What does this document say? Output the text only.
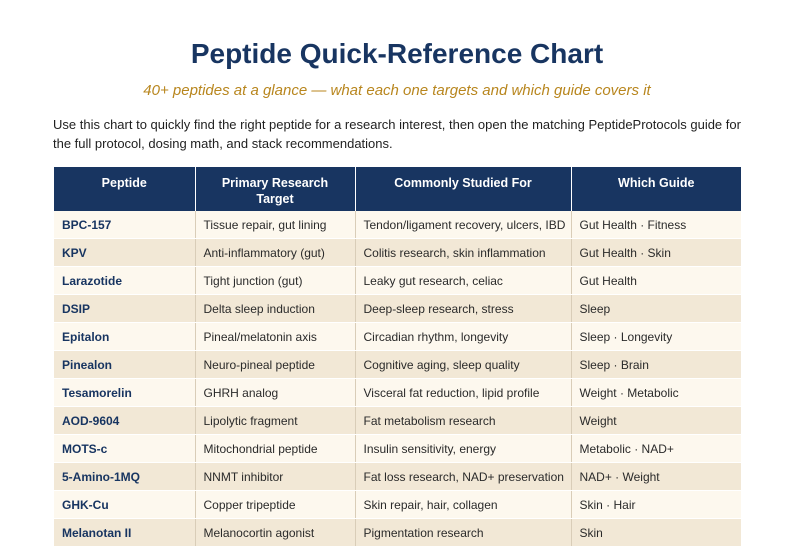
Peptide Quick-Reference Chart

40+ peptides at a glance — what each one targets and which guide covers it

Use this chart to quickly find the right peptide for a research interest, then open the matching PeptideProtocols guide for the full protocol, dosing math, and stack recommendations.

Peptide	Primary Research Target	Commonly Studied For	Which Guide
BPC-157	Tissue repair, gut lining	Tendon/ligament recovery, ulcers, IBD	Gut Health · Fitness
KPV	Anti-inflammatory (gut)	Colitis research, skin inflammation	Gut Health · Skin
Larazotide	Tight junction (gut)	Leaky gut research, celiac	Gut Health
DSIP	Delta sleep induction	Deep-sleep research, stress	Sleep
Epitalon	Pineal/melatonin axis	Circadian rhythm, longevity	Sleep · Longevity
Pinealon	Neuro-pineal peptide	Cognitive aging, sleep quality	Sleep · Brain
Tesamorelin	GHRH analog	Visceral fat reduction, lipid profile	Weight · Metabolic
AOD-9604	Lipolytic fragment	Fat metabolism research	Weight
MOTS-c	Mitochondrial peptide	Insulin sensitivity, energy	Metabolic · NAD+
5-Amino-1MQ	NNMT inhibitor	Fat loss research, NAD+ preservation	NAD+ · Weight
GHK-Cu	Copper tripeptide	Skin repair, hair, collagen	Skin · Hair
Melanotan II	Melanocortin agonist	Pigmentation research	Skin
